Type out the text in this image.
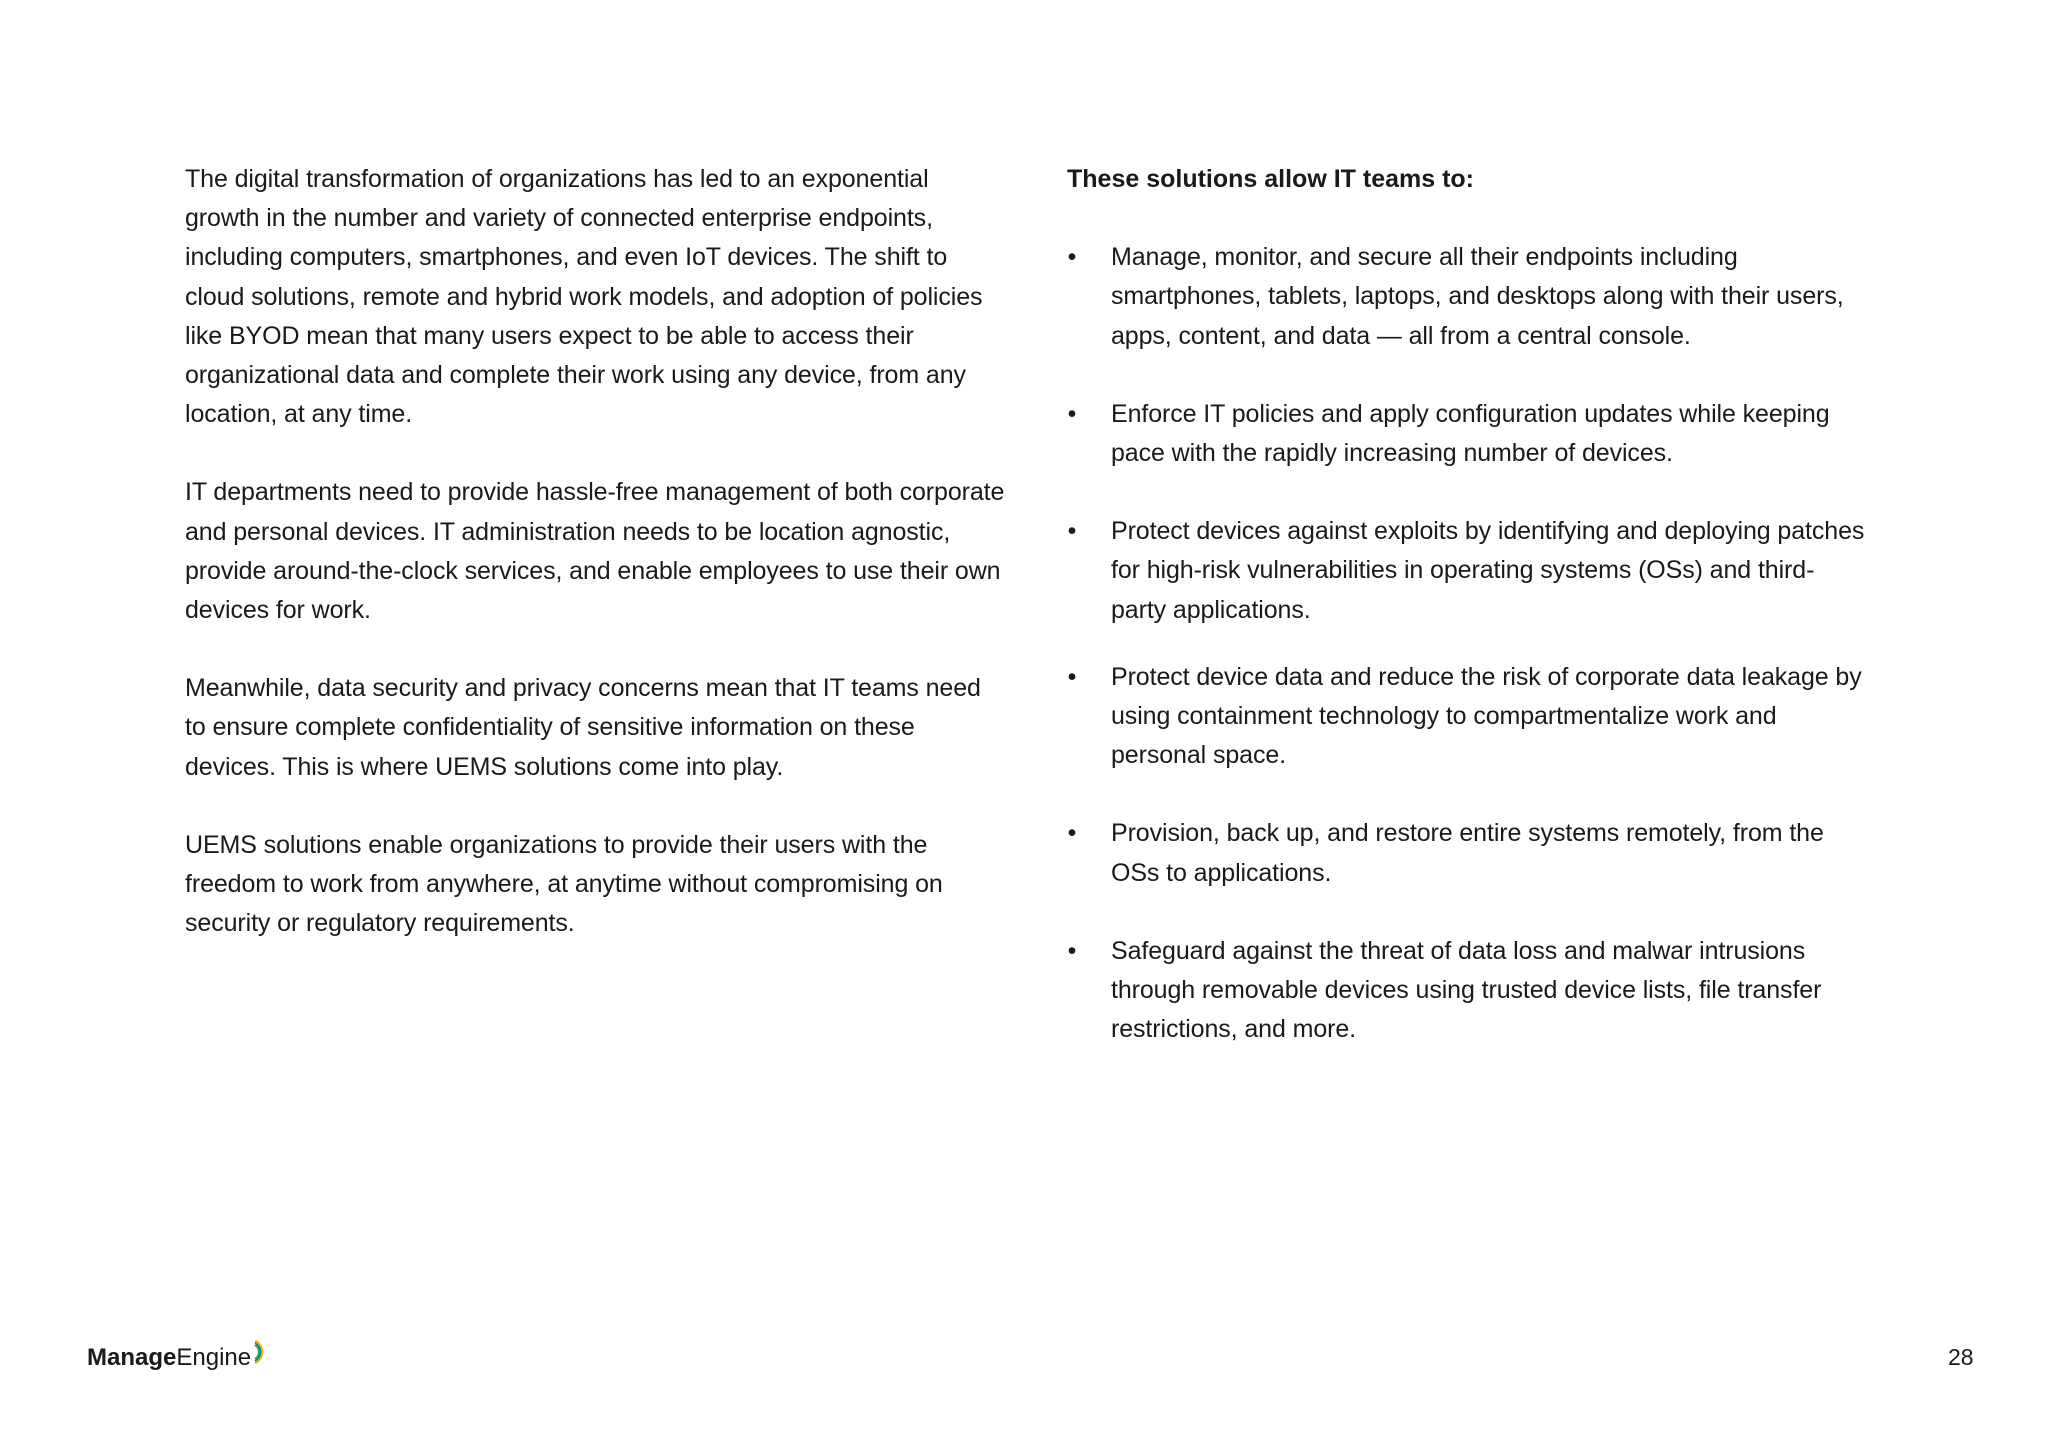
The digital transformation of organizations has led to an exponential growth in the number and variety of connected enterprise endpoints, including computers, smartphones, and even IoT devices. The shift to cloud solutions, remote and hybrid work models, and adoption of policies like BYOD mean that many users expect to be able to access their organizational data and complete their work using any device, from any location, at any time.

IT departments need to provide hassle-free management of both corporate and personal devices. IT administration needs to be location agnostic, provide around-the-clock services, and enable employees to use their own devices for work.

Meanwhile, data security and privacy concerns mean that IT teams need to ensure complete confidentiality of sensitive information on these devices. This is where UEMS solutions come into play.

UEMS solutions enable organizations to provide their users with the freedom to work from anywhere, at anytime without compromising on security or regulatory requirements.

These solutions allow IT teams to:
• Manage, monitor, and secure all their endpoints including smartphones, tablets, laptops, and desktops along with their users, apps, content, and data — all from a central console.
• Enforce IT policies and apply configuration updates while keeping pace with the rapidly increasing number of devices.
• Protect devices against exploits by identifying and deploying patches for high-risk vulnerabilities in operating systems (OSs) and third-party applications.
• Protect device data and reduce the risk of corporate data leakage by using containment technology to compartmentalize work and personal space.
• Provision, back up, and restore entire systems remotely, from the OSs to applications.
• Safeguard against the threat of data loss and malwar intrusions through removable devices using trusted device lists, file transfer restrictions, and more.
ManageEngine	28
